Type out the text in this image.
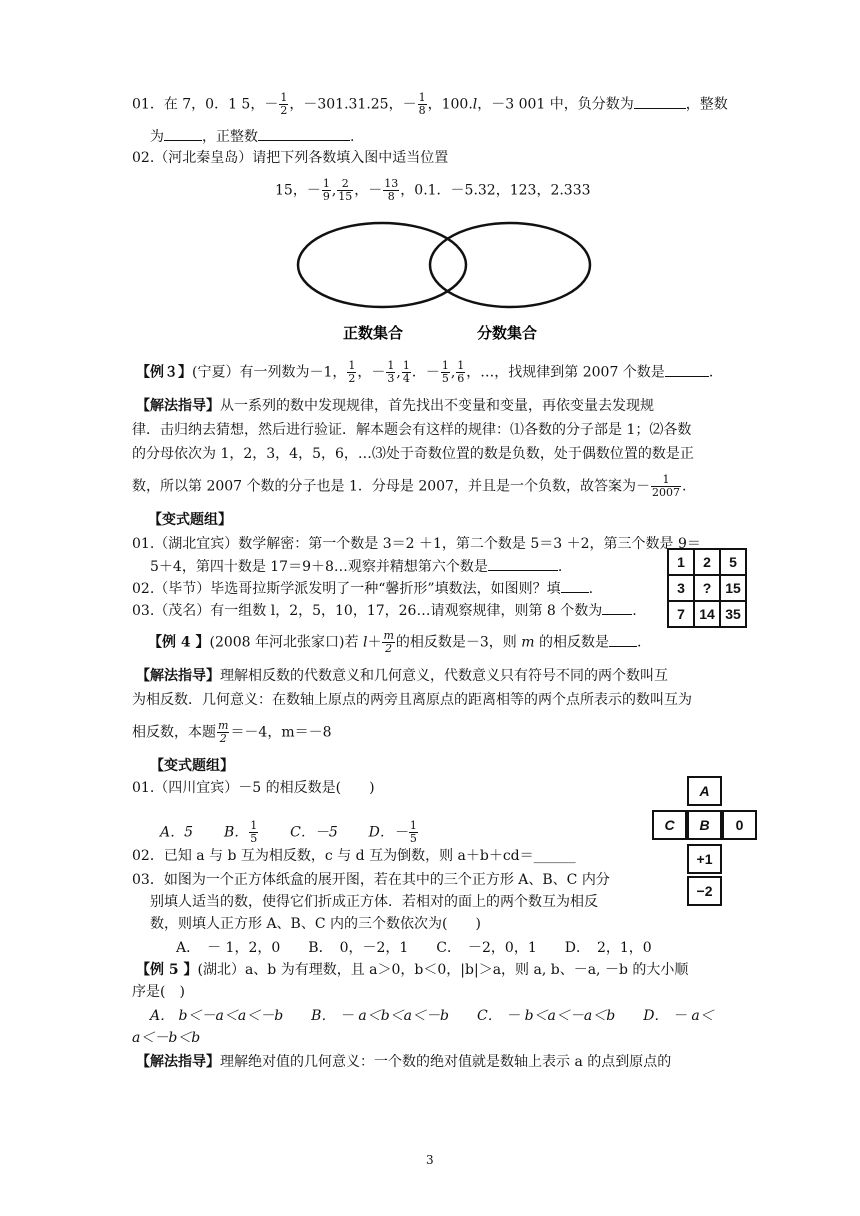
01．在 7，0．1 5，－ $\frac{1}{2}$ ，－301.31.25，－ $\frac{1}{8}$ ，100.l，－3 001 中，负分数为	，整数
为	，正整数	.
02.（河北秦皇岛）请把下列各数填入图中适当位置
15，－ $\frac{1}{9}$ , $\frac{2}{15}$ ，－ $\frac{13}{8}$ ，0.1．－5.32，123，2.333
正数集合	分数集合
【例３】(宁夏）有一列数为－1， $\frac{1}{2}$ ，－ $\frac{1}{3}$ , $\frac{1}{4}$ ．－ $\frac{1}{5}$ , $\frac{1}{6}$ ，…，找规律到第 2007 个数是	.
【解法指导】从一系列的数中发现规律，首先找出不变量和变量，再依变量去发现规
律．击归纳去猜想，然后进行验证．解本题会有这样的规律：⑴各数的分子部是 1；⑵各数
的分母依次为 1，2，3，4，5，6，…⑶处于奇数位置的数是负数，处于偶数位置的数是正
数，所以第 2007 个数的分子也是 1．分母是 2007，并且是一个负数，故答案为－ $\frac{1}{2007}$ .
【变式题组】
01.（湖北宜宾）数学解密：第一个数是 3＝2 ＋1，第二个数是 5＝3 ＋2，第三个数是 9＝
5＋4，第四十数是 17＝9＋8…观察并精想第六个数是	.
02.（毕节）毕选哥拉斯学派发明了一种“馨折形”填数法，如图则？填 .
03.（茂名）有一组数 l，2，5，10，17，26…请观察规律，则第 8 个数为 .
1	2	5
3	?	15
7	14	35
【例 4 】(2008 年河北张家口)若 $l+ \frac{m}{2}$ 的相反数是－3，则 m 的相反数是 .
【解法指导】理解相反数的代数意义和几何意义，代数意义只有符号不同的两个数叫互
为相反数．几何意义：在数轴上原点的两旁且离原点的距离相等的两个点所表示的数叫互为
相反数，本题 $\frac{m}{2} =-4$，m＝－8
【变式题组】
01.（四川宜宾）－5 的相反数是(　　)
A．5 B． $\frac{1}{5}$ C．－5 D．－ $\frac{1}{5}$
02．已知 a 与 b 互为相反数，c 与 d 互为倒数，则 a＋b＋cd＝______
03．如图为一个正方体纸盒的展开图，若在其中的三个正方形 A、B、C 内分
别填人适当的数，使得它们折成正方体．若相对的面上的两个数互为相反
数，则填人正方形 A、B、C 内的三个数依次为(　　)
A．　－ 1，2，0　　B．　0，－2，1　　C．　－2，0，1　　D．　2，1，0
A
C	B	0
+1
−2
【例 5 】(湖北）a、b 为有理数，且 a＞0，b＜0，|b|＞a，则 a, b、－a, －b 的大小顺
序是(　)
A． b＜－a＜a＜－b　　B． － a＜b＜a＜－b　　C． － b＜a＜－a＜b　　D． － a＜
a＜－b＜b
【解法指导】理解绝对值的几何意义：一个数的绝对值就是数轴上表示 a 的点到原点的
3
